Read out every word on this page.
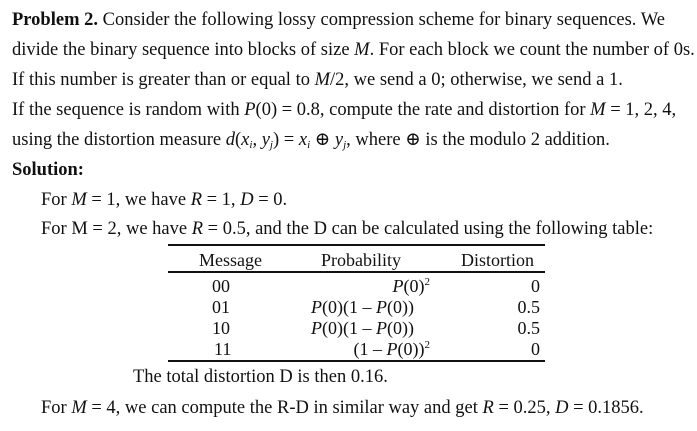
Problem 2. Consider the following lossy compression scheme for binary sequences. We
divide the binary sequence into blocks of size M. For each block we count the number of 0s.
If this number is greater than or equal to M/2, we send a 0; otherwise, we send a 1.
If the sequence is random with P(0) = 0.8, compute the rate and distortion for M = 1, 2, 4,
using the distortion measure $d(x_i$, $y_j) = x_i$ ⊕ $y_j$, where ⊕ is the modulo 2 addition.
Solution:
For M = 1, we have R = 1, D = 0.
For M = 2, we have R = 0.5, and the D can be calculated using the following table:
Message	Probability	Distortion
00	$P(0)^2$	0
01	P(0)(1 – P(0))	0.5
10	P(0)(1 – P(0))	0.5
11	(1 – P(0))$^2$	0
The total distortion D is then 0.16.
For M = 4, we can compute the R-D in similar way and get R = 0.25, D = 0.1856.
